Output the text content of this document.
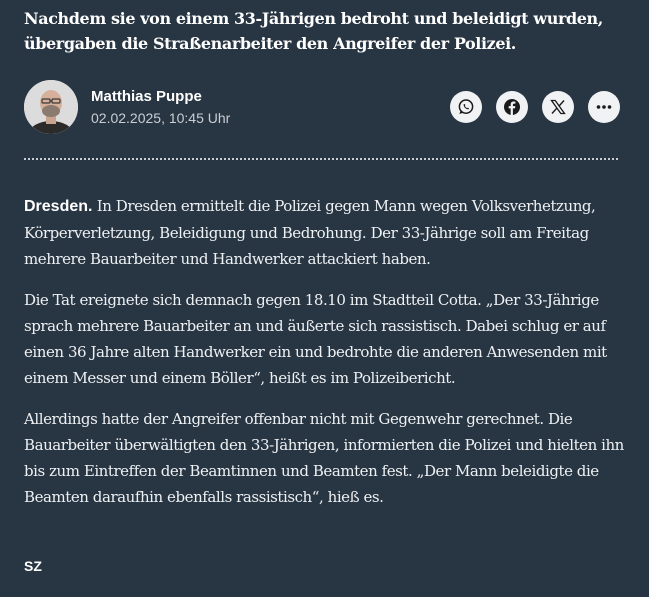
Nachdem sie von einem 33-Jährigen bedroht und beleidigt wurden, übergaben die Straßenarbeiter den Angreifer der Polizei.

Matthias Puppe
02.02.2025, 10:45 Uhr

Dresden. In Dresden ermittelt die Polizei gegen Mann wegen Volksverhetzung, Körperverletzung, Beleidigung und Bedrohung. Der 33-Jährige soll am Freitag mehrere Bauarbeiter und Handwerker attackiert haben.

Die Tat ereignete sich demnach gegen 18.10 im Stadtteil Cotta. „Der 33-Jährige sprach mehrere Bauarbeiter an und äußerte sich rassistisch. Dabei schlug er auf einen 36 Jahre alten Handwerker ein und bedrohte die anderen Anwesenden mit einem Messer und einem Böller“, heißt es im Polizeibericht.

Allerdings hatte der Angreifer offenbar nicht mit Gegenwehr gerechnet. Die Bauarbeiter überwältigten den 33-Jährigen, informierten die Polizei und hielten ihn bis zum Eintreffen der Beamtinnen und Beamten fest. „Der Mann beleidigte die Beamten daraufhin ebenfalls rassistisch“, hieß es.

SZ
